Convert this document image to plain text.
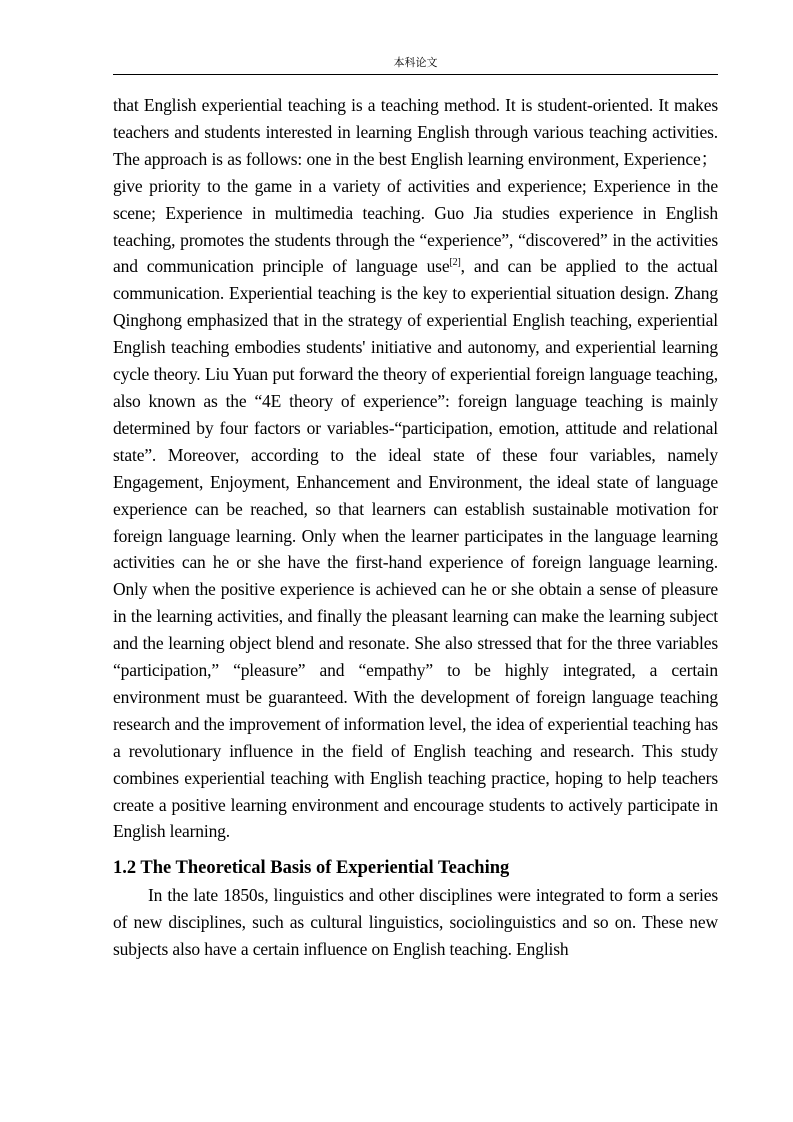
本科论文

that English experiential teaching is a teaching method. It is student-oriented. It makes teachers and students interested in learning English through various teaching activities. The approach is as follows: one in the best English learning environment, Experience； give priority to the game in a variety of activities and experience; Experience in the scene; Experience in multimedia teaching. Guo Jia studies experience in English teaching, promotes the students through the “experience”, “discovered” in the activities and communication principle of language use[2], and can be applied to the actual communication. Experiential teaching is the key to experiential situation design. Zhang Qinghong emphasized that in the strategy of experiential English teaching, experiential English teaching embodies students' initiative and autonomy, and experiential learning cycle theory. Liu Yuan put forward the theory of experiential foreign language teaching, also known as the “4E theory of experience”: foreign language teaching is mainly determined by four factors or variables-“participation, emotion, attitude and relational state”. Moreover, according to the ideal state of these four variables, namely Engagement, Enjoyment, Enhancement and Environment, the ideal state of language experience can be reached, so that learners can establish sustainable motivation for foreign language learning. Only when the learner participates in the language learning activities can he or she have the first-hand experience of foreign language learning. Only when the positive experience is achieved can he or she obtain a sense of pleasure in the learning activities, and finally the pleasant learning can make the learning subject and the learning object blend and resonate. She also stressed that for the three variables “participation,” “pleasure” and “empathy” to be highly integrated, a certain environment must be guaranteed. With the development of foreign language teaching research and the improvement of information level, the idea of experiential teaching has a revolutionary influence in the field of English teaching and research. This study combines experiential teaching with English teaching practice, hoping to help teachers create a positive learning environment and encourage students to actively participate in English learning.

1.2 The Theoretical Basis of Experiential Teaching

In the late 1850s, linguistics and other disciplines were integrated to form a series of new disciplines, such as cultural linguistics, sociolinguistics and so on. These new subjects also have a certain influence on English teaching. English
